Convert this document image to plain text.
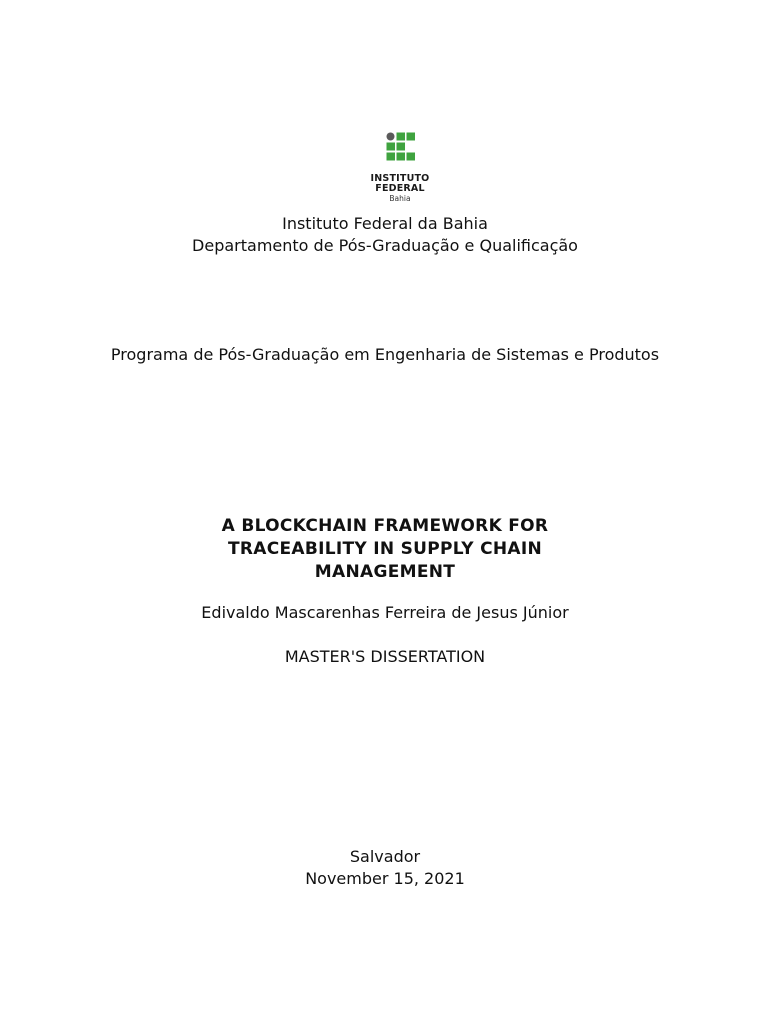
INSTITUTO
FEDERAL
Bahia
Instituto Federal da Bahia
Departamento de Pós-Graduação e Qualificação
Programa de Pós-Graduação em Engenharia de Sistemas e Produtos
A BLOCKCHAIN FRAMEWORK FOR
TRACEABILITY IN SUPPLY CHAIN
MANAGEMENT
Edivaldo Mascarenhas Ferreira de Jesus Júnior
MASTER'S DISSERTATION
Salvador
November 15, 2021
